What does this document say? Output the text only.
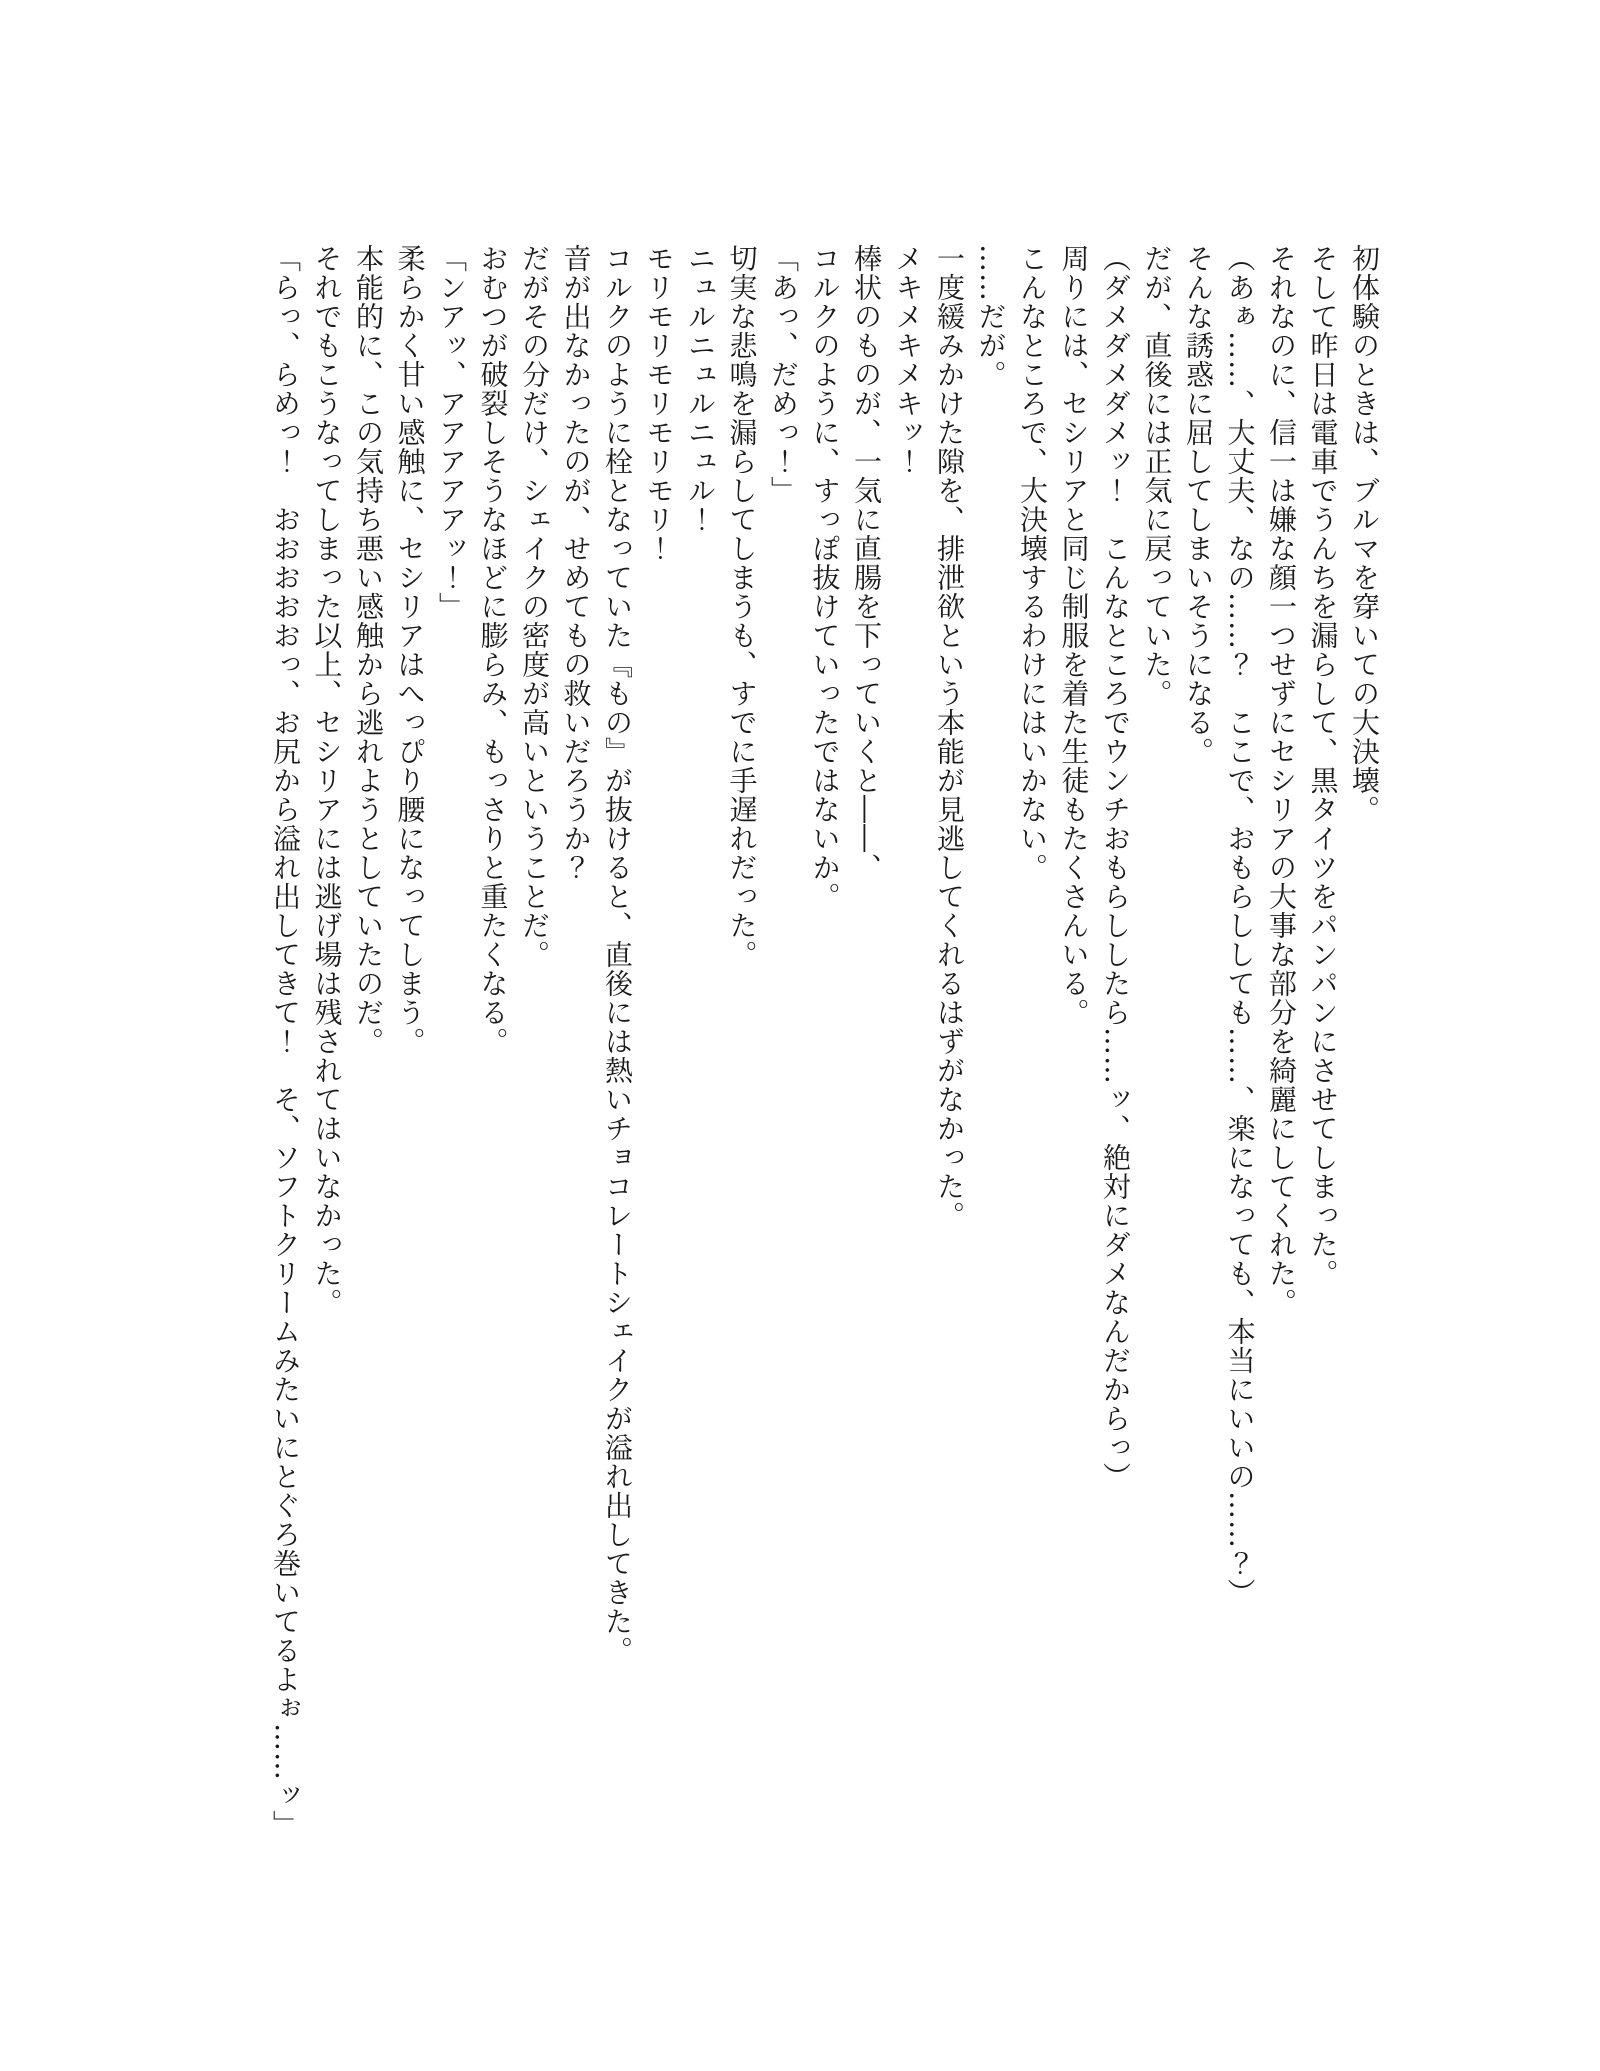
初体験のときは、ブルマを穿いての大決壊。

そして昨日は電車でうんちを漏らして、黒タイツをパンパンにさせてしまった。

それなのに、信一は嫌な顔一つせずにセシリアの大事な部分を綺麗にしてくれた。

（あぁ……、大丈夫、なの……？　ここで、おもらししても……、楽になっても、本当にいいの……？）

そんな誘惑に屈してしまいそうになる。

だが、直後には正気に戻っていた。

（ダメダメダメッ！　こんなところでウンチおもらししたら……ッ、絶対にダメなんだからっ）

周りには、セシリアと同じ制服を着た生徒もたくさんいる。

こんなところで、大決壊するわけにはいかない。

……だが。

一度緩みかけた隙を、排泄欲という本能が見逃してくれるはずがなかった。

メキメキメキッ！

棒状のものが、一気に直腸を下っていくと――、

コルクのように、すっぽ抜けていったではないか。

「あっ、だめっ！」

切実な悲鳴を漏らしてしまうも、すでに手遅れだった。

ニュルニュルニュル！

モリモリモリモリモリ！

コルクのように栓となっていた『もの』が抜けると、直後には熱いチョコレートシェイクが溢れ出してきた。

音が出なかったのが、せめてもの救いだろうか？

だがその分だけ、シェイクの密度が高いということだ。

おむつが破裂しそうなほどに膨らみ、もっさりと重たくなる。

「ンアッ、アアアアアッ！」

柔らかく甘い感触に、セシリアはへっぴり腰になってしまう。

本能的に、この気持ち悪い感触から逃れようとしていたのだ。

それでもこうなってしまった以上、セシリアには逃げ場は残されてはいなかった。

「らっ、らめっ！　おおおおおっ、お尻から溢れ出してきて！　そ、ソフトクリームみたいにとぐろ巻いてるよぉ……ッ」
